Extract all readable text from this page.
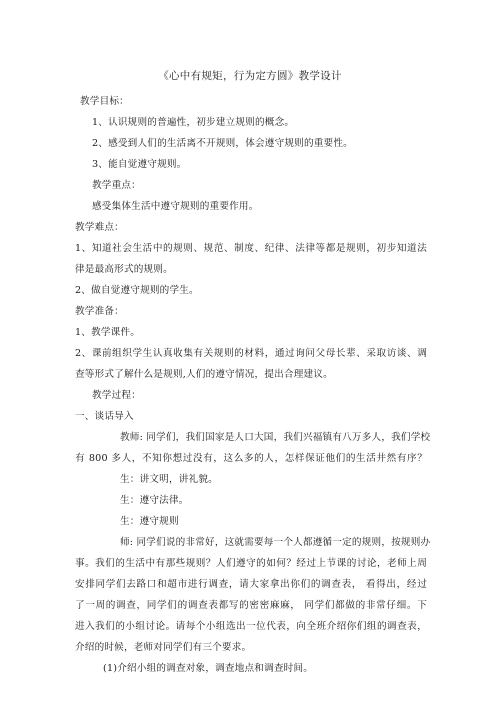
《心中有规矩，行为定方圆》教学设计
教学目标：
1、认识规则的普遍性，初步建立规则的概念。
2、感受到人们的生活离不开规则，体会遵守规则的重要性。
3、能自觉遵守规则。
教学重点：
感受集体生活中遵守规则的重要作用。
教学难点：
1、知道社会生活中的规则、规范、制度、纪律、法律等都是规则，初步知道法
律是最高形式的规则。
2、做自觉遵守规则的学生。
教学准备：
1、教学课件。
2、课前组织学生认真收集有关规则的材料，通过询问父母长辈、采取访谈、调
查等形式了解什么是规则,人们的遵守情况，提出合理建议。
教学过程：
一、谈话导入
教师: 同学们，我们国家是人口大国，我们兴福镇有八万多人，我们学校
有 800 多人，不知你想过没有，这么多的人，怎样保证他们的生活井然有序？
生：讲文明，讲礼貌。
生：遵守法律。
生：遵守规则
师: 同学们说的非常好，这就需要每一个人都遵循一定的规则，按规则办
事。我们的生活中有那些规则？人们遵守的如何？经过上节课的讨论，老师上周
安排同学们去路口和超市进行调查，请大家拿出你们的调查表， 看得出，经过
了一周的调查，同学们的调查表都写的密密麻麻， 同学们都做的非常仔细。下
进入我们的小组讨论。请每个小组选出一位代表，向全班介绍你们组的调查表，
介绍的时候，老师对同学们有三个要求。
(1)介绍小组的调查对象，调查地点和调查时间。
